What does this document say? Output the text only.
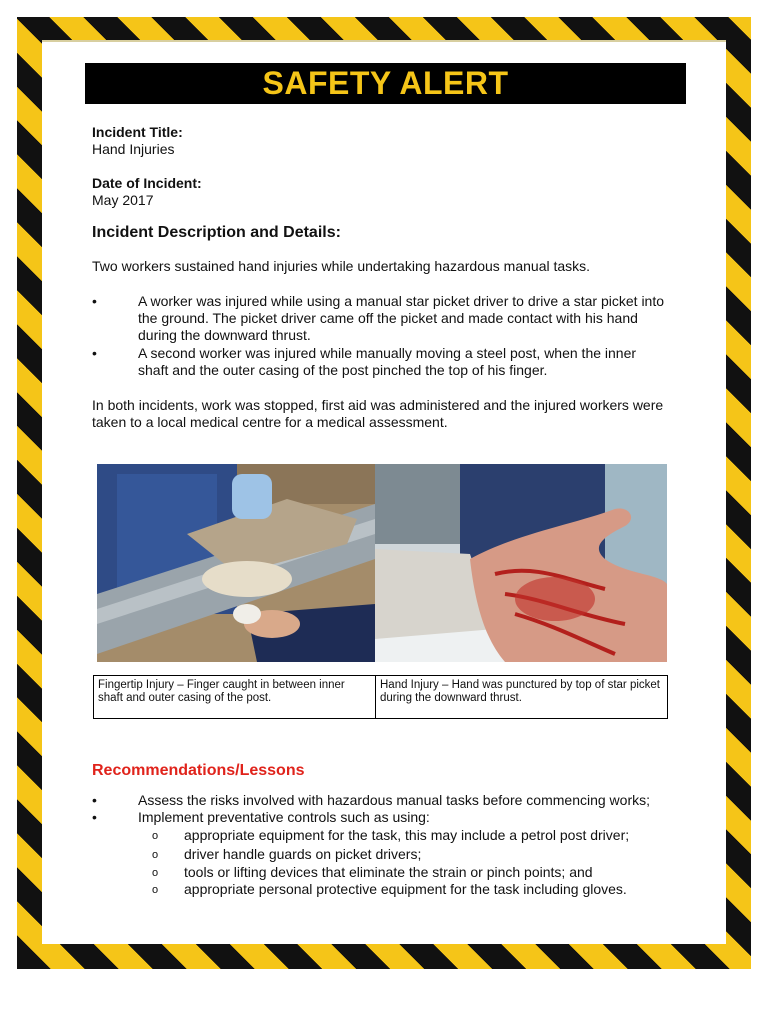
SAFETY ALERT
Incident Title:
Hand Injuries
Date of Incident:
May 2017
Incident Description and Details:
Two workers sustained hand injuries while undertaking hazardous manual tasks.
•	A worker was injured while using a manual star picket driver to drive a star picket into the ground. The picket driver came off the picket and made contact with his hand during the downward thrust.
•	A second worker was injured while manually moving a steel post, when the inner shaft and the outer casing of the post pinched the top of his finger.
In both incidents, work was stopped, first aid was administered and the injured workers were taken to a local medical centre for a medical assessment.
Fingertip Injury – Finger caught in between inner shaft and outer casing of the post.
Hand Injury – Hand was punctured by top of star picket during the downward thrust.
Recommendations/Lessons
•	Assess the risks involved with hazardous manual tasks before commencing works;
•	Implement preventative controls such as using:
o appropriate equipment for the task, this may include a petrol post driver;
o driver handle guards on picket drivers;
o tools or lifting devices that eliminate the strain or pinch points; and
o appropriate personal protective equipment for the task including gloves.
